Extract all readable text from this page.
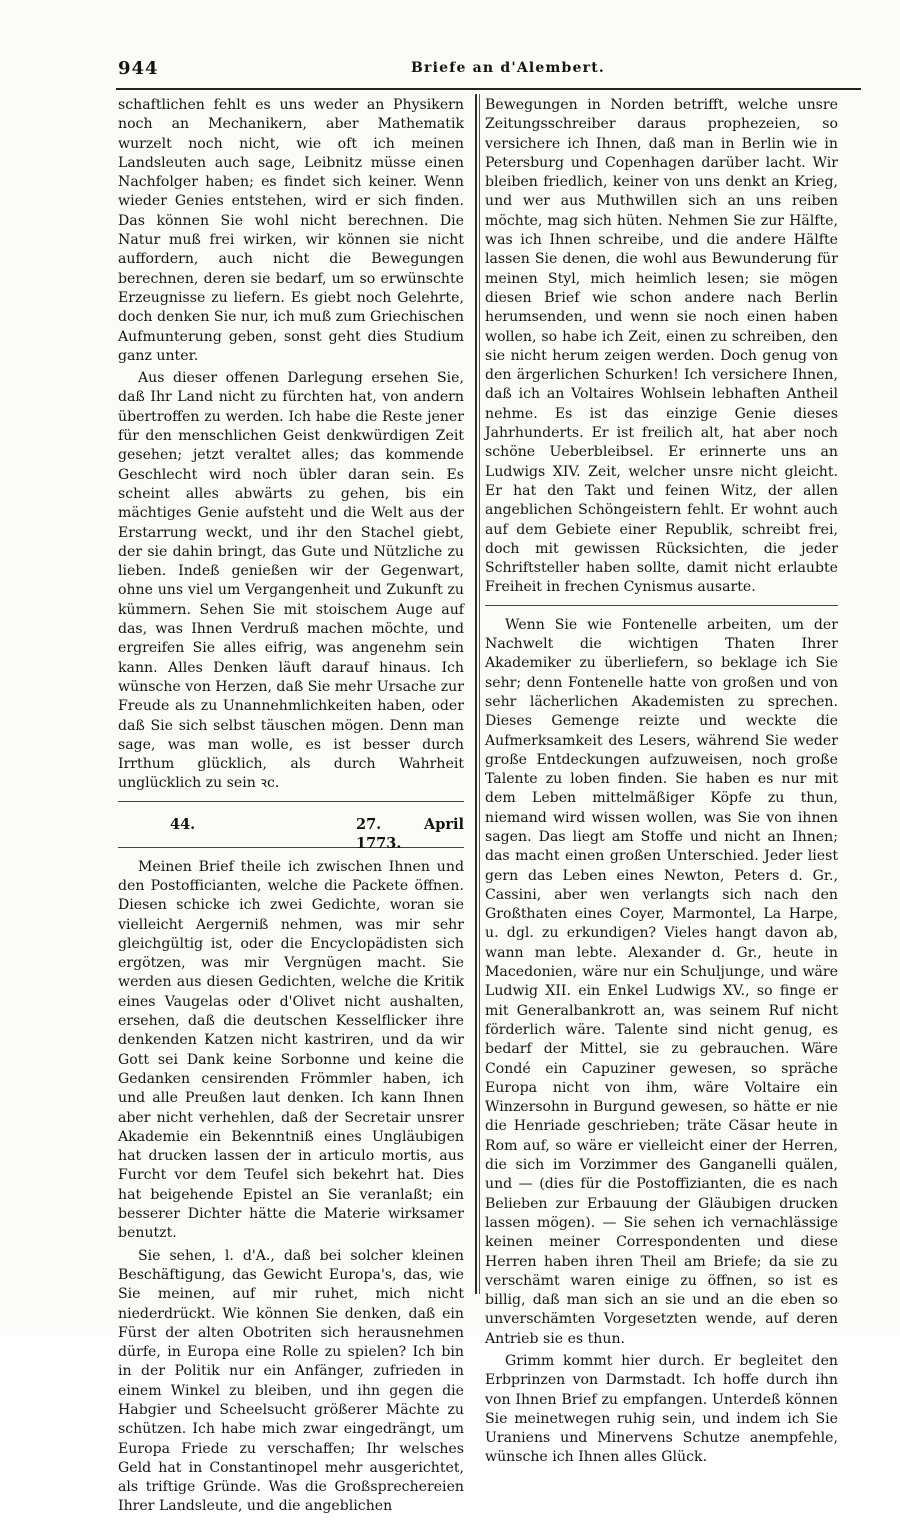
944	Briefe an d'Alembert.

schaftlichen fehlt es uns weder an Physikern noch an Mechanikern, aber Mathematik wurzelt noch nicht, wie oft ich meinen Landsleuten auch sage, Leibnitz müsse einen Nachfolger haben; es findet sich keiner. Wenn wieder Genies entstehen, wird er sich finden. Das können Sie wohl nicht berechnen. Die Natur muß frei wirken, wir können sie nicht auffordern, auch nicht die Bewegungen berechnen, deren sie bedarf, um so erwünschte Erzeugnisse zu liefern. Es giebt noch Gelehrte, doch denken Sie nur, ich muß zum Griechischen Aufmunterung geben, sonst geht dies Studium ganz unter.

Aus dieser offenen Darlegung ersehen Sie, daß Ihr Land nicht zu fürchten hat, von andern übertroffen zu werden. Ich habe die Reste jener für den menschlichen Geist denkwürdigen Zeit gesehen; jetzt veraltet alles; das kommende Geschlecht wird noch übler daran sein. Es scheint alles abwärts zu gehen, bis ein mächtiges Genie aufsteht und die Welt aus der Erstarrung weckt, und ihr den Stachel giebt, der sie dahin bringt, das Gute und Nützliche zu lieben. Indeß genießen wir der Gegenwart, ohne uns viel um Vergangenheit und Zukunft zu kümmern. Sehen Sie mit stoischem Auge auf das, was Ihnen Verdruß machen möchte, und ergreifen Sie alles eifrig, was angenehm sein kann. Alles Denken läuft darauf hinaus. Ich wünsche von Herzen, daß Sie mehr Ursache zur Freude als zu Unannehmlichkeiten haben, oder daß Sie sich selbst täuschen mögen. Denn man sage, was man wolle, es ist besser durch Irrthum glücklich, als durch Wahrheit unglücklich zu sein ꝛc.

44.	27. April 1773.

Meinen Brief theile ich zwischen Ihnen und den Postofficianten, welche die Packete öffnen. Diesen schicke ich zwei Gedichte, woran sie vielleicht Aergerniß nehmen, was mir sehr gleichgültig ist, oder die Encyclopädisten sich ergötzen, was mir Vergnügen macht. Sie werden aus diesen Gedichten, welche die Kritik eines Vaugelas oder d'Olivet nicht aushalten, ersehen, daß die deutschen Kesselflicker ihre denkenden Katzen nicht kastriren, und da wir Gott sei Dank keine Sorbonne und keine die Gedanken censirenden Frömmler haben, ich und alle Preußen laut denken. Ich kann Ihnen aber nicht verhehlen, daß der Secretair unsrer Akademie ein Bekenntniß eines Ungläubigen hat drucken lassen der in articulo mortis, aus Furcht vor dem Teufel sich bekehrt hat. Dies hat beigehende Epistel an Sie veranlaßt; ein besserer Dichter hätte die Materie wirksamer benutzt.

Sie sehen, l. d'A., daß bei solcher kleinen Beschäftigung, das Gewicht Europa's, das, wie Sie meinen, auf mir ruhet, mich nicht niederdrückt. Wie können Sie denken, daß ein Fürst der alten Obotriten sich herausnehmen dürfe, in Europa eine Rolle zu spielen? Ich bin in der Politik nur ein Anfänger, zufrieden in einem Winkel zu bleiben, und ihn gegen die Habgier und Scheelsucht größerer Mächte zu schützen. Ich habe mich zwar eingedrängt, um Europa Friede zu verschaffen; Ihr welsches Geld hat in Constantinopel mehr ausgerichtet, als triftige Gründe. Was die Großsprechereien Ihrer Landsleute, und die angeblichen

Bewegungen in Norden betrifft, welche unsre Zeitungsschreiber daraus prophezeien, so versichere ich Ihnen, daß man in Berlin wie in Petersburg und Copenhagen darüber lacht. Wir bleiben friedlich, keiner von uns denkt an Krieg, und wer aus Muthwillen sich an uns reiben möchte, mag sich hüten. Nehmen Sie zur Hälfte, was ich Ihnen schreibe, und die andere Hälfte lassen Sie denen, die wohl aus Bewunderung für meinen Styl, mich heimlich lesen; sie mögen diesen Brief wie schon andere nach Berlin herumsenden, und wenn sie noch einen haben wollen, so habe ich Zeit, einen zu schreiben, den sie nicht herum zeigen werden. Doch genug von den ärgerlichen Schurken! Ich versichere Ihnen, daß ich an Voltaires Wohlsein lebhaften Antheil nehme. Es ist das einzige Genie dieses Jahrhunderts. Er ist freilich alt, hat aber noch schöne Ueberbleibsel. Er erinnerte uns an Ludwigs XIV. Zeit, welcher unsre nicht gleicht. Er hat den Takt und feinen Witz, der allen angeblichen Schöngeistern fehlt. Er wohnt auch auf dem Gebiete einer Republik, schreibt frei, doch mit gewissen Rücksichten, die jeder Schriftsteller haben sollte, damit nicht erlaubte Freiheit in frechen Cynismus ausarte.

Wenn Sie wie Fontenelle arbeiten, um der Nachwelt die wichtigen Thaten Ihrer Akademiker zu überliefern, so beklage ich Sie sehr; denn Fontenelle hatte von großen und von sehr lächerlichen Akademisten zu sprechen. Dieses Gemenge reizte und weckte die Aufmerksamkeit des Lesers, während Sie weder große Entdeckungen aufzuweisen, noch große Talente zu loben finden. Sie haben es nur mit dem Leben mittelmäßiger Köpfe zu thun, niemand wird wissen wollen, was Sie von ihnen sagen. Das liegt am Stoffe und nicht an Ihnen; das macht einen großen Unterschied. Jeder liest gern das Leben eines Newton, Peters d. Gr., Cassini, aber wen verlangts sich nach den Großthaten eines Coyer, Marmontel, La Harpe, u. dgl. zu erkundigen? Vieles hangt davon ab, wann man lebte. Alexander d. Gr., heute in Macedonien, wäre nur ein Schuljunge, und wäre Ludwig XII. ein Enkel Ludwigs XV., so finge er mit Generalbankrott an, was seinem Ruf nicht förderlich wäre. Talente sind nicht genug, es bedarf der Mittel, sie zu gebrauchen. Wäre Condé ein Capuziner gewesen, so spräche Europa nicht von ihm, wäre Voltaire ein Winzersohn in Burgund gewesen, so hätte er nie die Henriade geschrieben; träte Cäsar heute in Rom auf, so wäre er vielleicht einer der Herren, die sich im Vorzimmer des Ganganelli quälen, und — (dies für die Postoffizianten, die es nach Belieben zur Erbauung der Gläubigen drucken lassen mögen). — Sie sehen ich vernachlässige keinen meiner Correspondenten und diese Herren haben ihren Theil am Briefe; da sie zu verschämt waren einige zu öffnen, so ist es billig, daß man sich an sie und an die eben so unverschämten Vorgesetzten wende, auf deren Antrieb sie es thun.

Grimm kommt hier durch. Er begleitet den Erbprinzen von Darmstadt. Ich hoffe durch ihn von Ihnen Brief zu empfangen. Unterdeß können Sie meinetwegen ruhig sein, und indem ich Sie Uraniens und Minervens Schutze anempfehle, wünsche ich Ihnen alles Glück.
